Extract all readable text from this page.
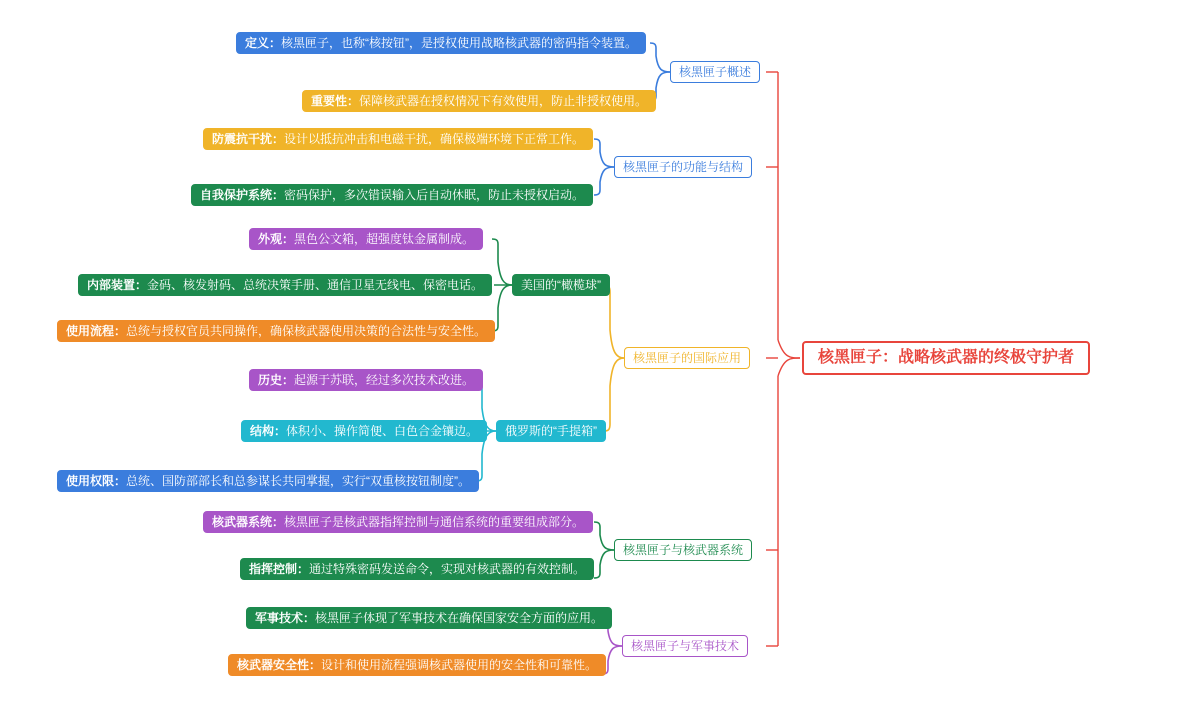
核黑匣子：战略核武器的终极守护者
核黑匣子概述
定义： 核黑匣子，也称“核按钮”，是授权使用战略核武器的密码指令装置。
重要性： 保障核武器在授权情况下有效使用，防止非授权使用。
核黑匣子的功能与结构
防震抗干扰： 设计以抵抗冲击和电磁干扰，确保极端环境下正常工作。
自我保护系统： 密码保护，多次错误输入后自动休眠，防止未授权启动。
核黑匣子的国际应用
美国的“橄榄球”
外观： 黑色公文箱，超强度钛金属制成。
内部装置： 金码、核发射码、总统决策手册、通信卫星无线电、保密电话。
使用流程： 总统与授权官员共同操作，确保核武器使用决策的合法性与安全性。
俄罗斯的“手提箱”
历史： 起源于苏联，经过多次技术改进。
结构： 体积小、操作简便、白色合金镶边。
使用权限： 总统、国防部部长和总参谋长共同掌握，实行“双重核按钮制度”。
核黑匣子与核武器系统
核武器系统： 核黑匣子是核武器指挥控制与通信系统的重要组成部分。
指挥控制： 通过特殊密码发送命令，实现对核武器的有效控制。
核黑匣子与军事技术
军事技术： 核黑匣子体现了军事技术在确保国家安全方面的应用。
核武器安全性： 设计和使用流程强调核武器使用的安全性和可靠性。
